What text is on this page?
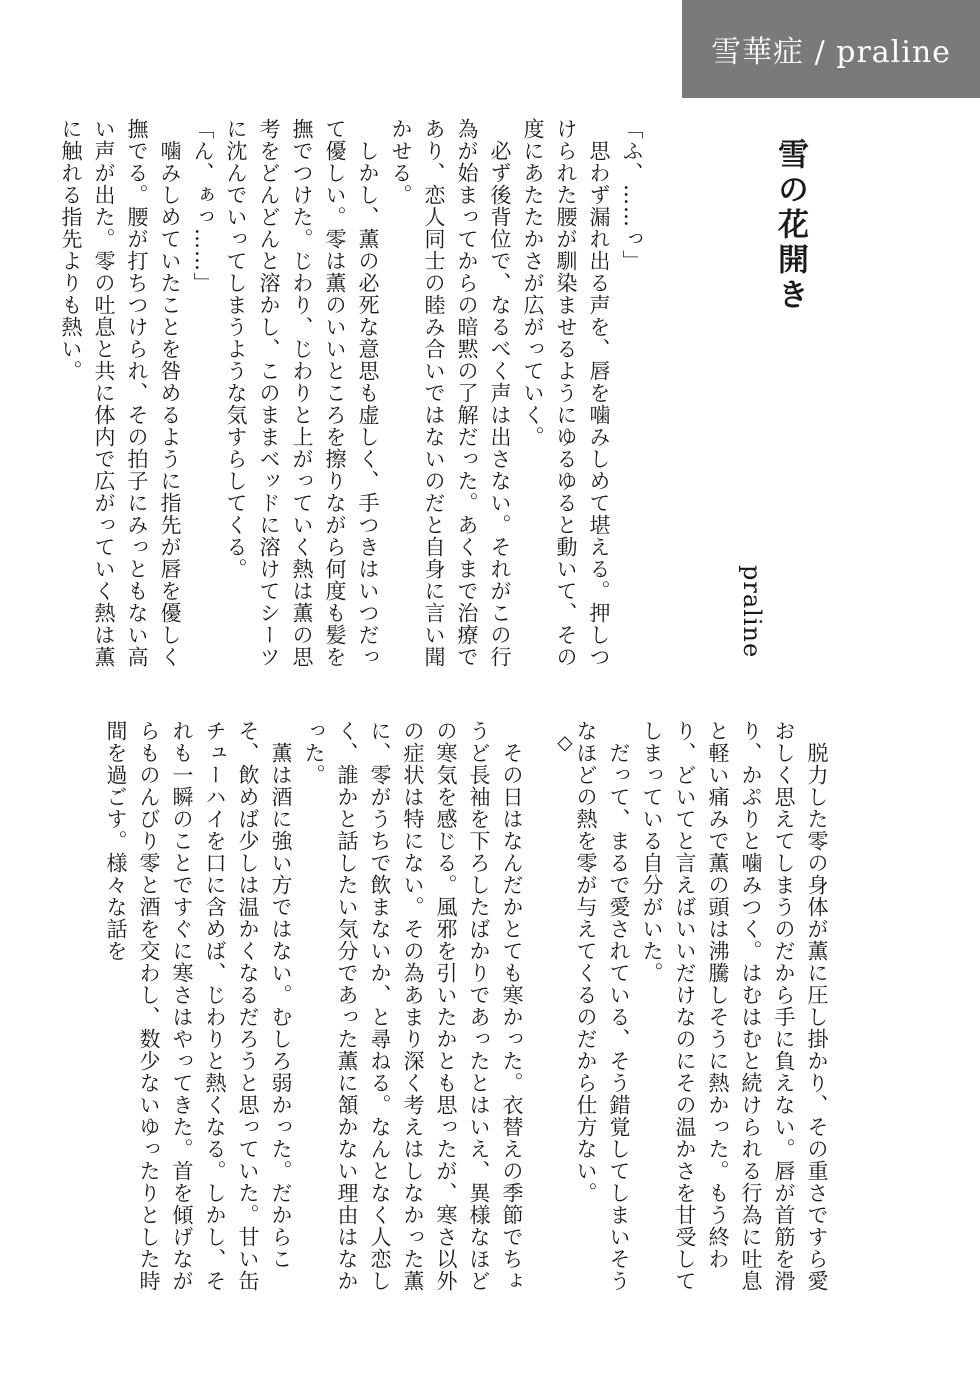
雪華症 / praline
雪の花開き
praline

「ふ、……っ」

　思わず漏れ出る声を、唇を噛みしめて堪える。押しつけられた腰が馴染ませるようにゆるゆると動いて、その度にあたたかさが広がっていく。

　必ず後背位で、なるべく声は出さない。それがこの行為が始まってからの暗黙の了解だった。あくまで治療であり、恋人同士の睦み合いではないのだと自身に言い聞かせる。

　しかし、薫の必死な意思も虚しく、手つきはいつだって優しい。零は薫のいいところを擦りながら何度も髪を撫でつけた。じわり、じわりと上がっていく熱は薫の思考をどんどんと溶かし、このままベッドに溶けてシーツに沈んでいってしまうような気すらしてくる。

「ん、ぁっ……」

　噛みしめていたことを咎めるように指先が唇を優しく撫でる。腰が打ちつけられ、その拍子にみっともない高い声が出た。零の吐息と共に体内で広がっていく熱は薫に触れる指先よりも熱い。

　脱力した零の身体が薫に圧し掛かり、その重さですら愛おしく思えてしまうのだから手に負えない。唇が首筋を滑り、かぷりと噛みつく。はむはむと続けられる行為に吐息と軽い痛みで薫の頭は沸騰しそうに熱かった。もう終わり、どいてと言えばいいだけなのにその温かさを甘受してしまっている自分がいた。

　だって、まるで愛されている、そう錯覚してしまいそうなほどの熱を零が与えてくるのだから仕方ない。

◇

　その日はなんだかとても寒かった。衣替えの季節でちょうど長袖を下ろしたばかりであったとはいえ、異様なほどの寒気を感じる。風邪を引いたかとも思ったが、寒さ以外の症状は特にない。その為あまり深く考えはしなかった薫に、零がうちで飲まないか、と尋ねる。なんとなく人恋しく、誰かと話したい気分であった薫に頷かない理由はなかった。

　薫は酒に強い方ではない。むしろ弱かった。だからこそ、飲めば少しは温かくなるだろうと思っていた。甘い缶チューハイを口に含めば、じわりと熱くなる。しかし、それも一瞬のことですぐに寒さはやってきた。首を傾げながらものんびり零と酒を交わし、数少ないゆったりとした時間を過ごす。様々な話を
